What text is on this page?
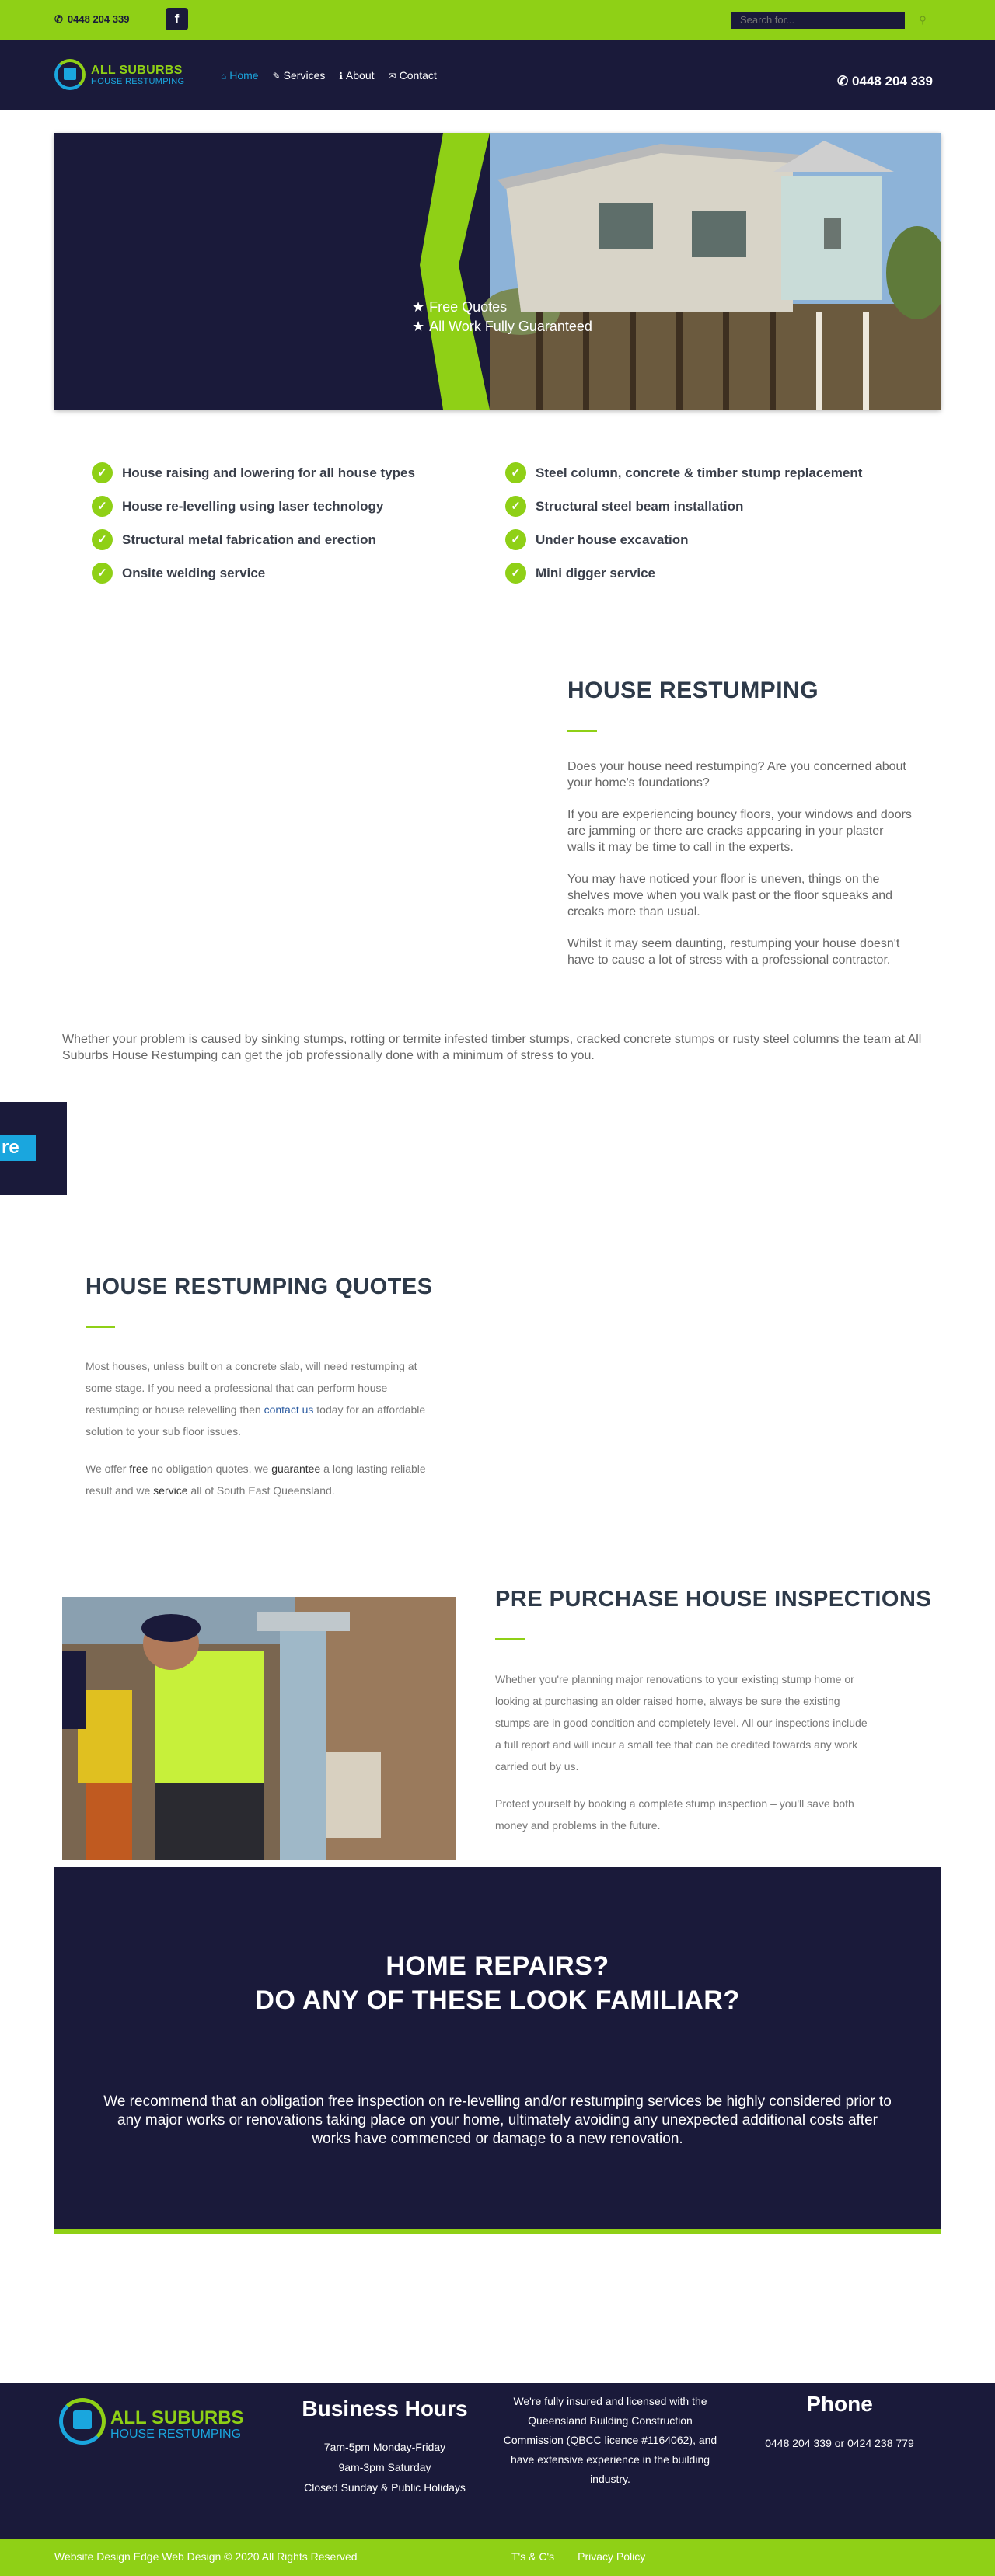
✆ 0448 204 339	f
Search for...	⚲
ALL SUBURBS
HOUSE RESTUMPING	⌂ Home ✎ Services ℹ About ✉ Contact	✆ 0448 204 339
★ Free Quotes
★ All Work Fully Guaranteed
✓	House raising and lowering for all house types
✓	House re-levelling using laser technology
✓	Structural metal fabrication and erection
✓	Onsite welding service
✓	Steel column, concrete & timber stump replacement
✓	Structural steel beam installation
✓	Under house excavation
✓	Mini digger service
HOUSE RESTUMPING

Does your house need restumping? Are you concerned about your home's foundations?

If you are experiencing bouncy floors, your windows and doors are jamming or there are cracks appearing in your plaster walls it may be time to call in the experts.

You may have noticed your floor is uneven, things on the shelves move when you walk past or the floor squeaks and creaks more than usual.

Whilst it may seem daunting, restumping your house doesn't have to cause a lot of stress with a professional contractor.

Whether your problem is caused by sinking stumps, rotting or termite infested timber stumps, cracked concrete stumps or rusty steel columns the team at All Suburbs House Restumping can get the job professionally done with a minimum of stress to you.
re
HOUSE RESTUMPING QUOTES

Most houses, unless built on a concrete slab, will need restumping at some stage. If you need a professional that can perform house restumping or house relevelling then contact us today for an affordable solution to your sub floor issues.

We offer free no obligation quotes, we guarantee a long lasting reliable result and we service all of South East Queensland.

PRE PURCHASE HOUSE INSPECTIONS

Whether you're planning major renovations to your existing stump home or looking at purchasing an older raised home, always be sure the existing stumps are in good condition and completely level. All our inspections include a full report and will incur a small fee that can be credited towards any work carried out by us.

Protect yourself by booking a complete stump inspection – you'll save both money and problems in the future.

HOME REPAIRS?
DO ANY OF THESE LOOK FAMILIAR?
We recommend that an obligation free inspection on re-levelling and/or restumping services be highly considered prior to any major works or renovations taking place on your home, ultimately avoiding any unexpected additional costs after works have commenced or damage to a new renovation.
ALL SUBURBS
HOUSE RESTUMPING
Business Hours
7am-5pm Monday-Friday
9am-3pm Saturday
Closed Sunday & Public Holidays
We're fully insured and licensed with the Queensland Building Construction Commission (QBCC licence #1164062), and have extensive experience in the building industry.
Phone
0448 204 339 or 0424 238 779
Website Design Edge Web Design © 2020 All Rights Reserved	T's & C's Privacy Policy
